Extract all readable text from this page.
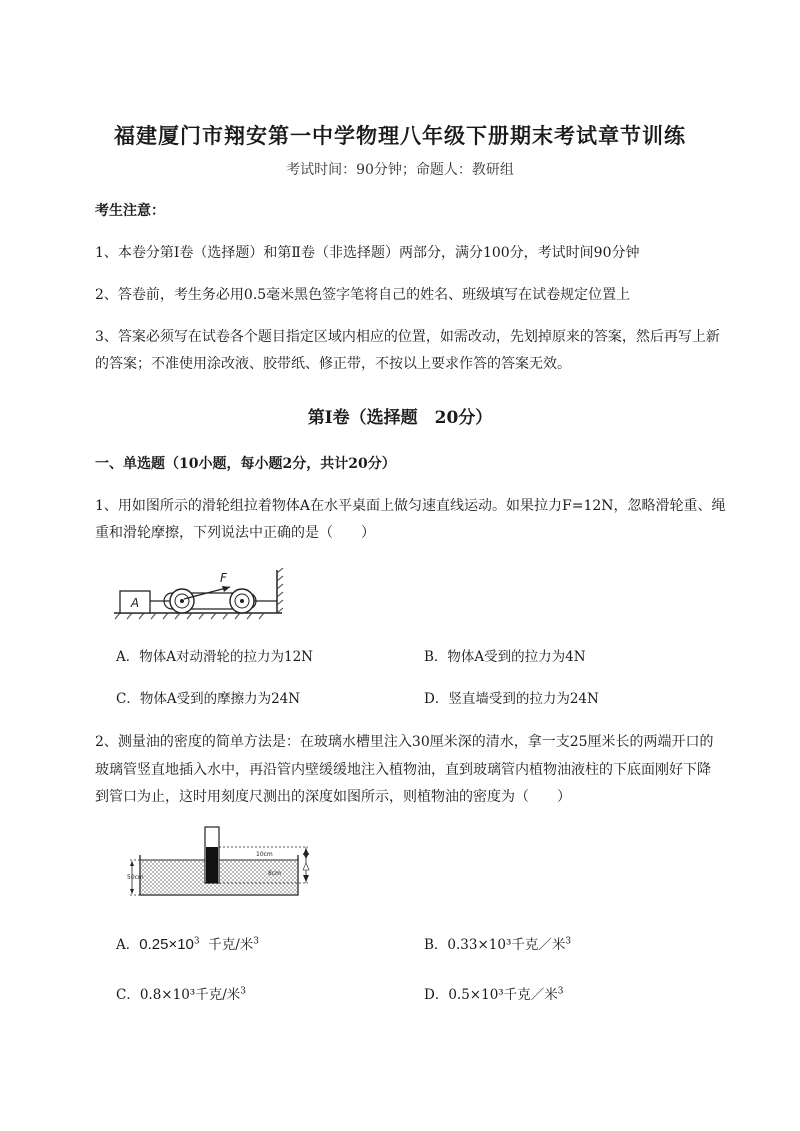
福建厦门市翔安第一中学物理八年级下册期末考试章节训练
考试时间：90分钟；命题人：教研组
考生注意：
1、本卷分第I卷（选择题）和第Ⅱ卷（非选择题）两部分，满分100分，考试时间90分钟
2、答卷前，考生务必用0.5毫米黑色签字笔将自己的姓名、班级填写在试卷规定位置上
3、答案必须写在试卷各个题目指定区域内相应的位置，如需改动，先划掉原来的答案，然后再写上新
的答案；不准使用涂改液、胶带纸、修正带，不按以上要求作答的答案无效。
第I卷（选择题　20分）
一、单选题（10小题，每小题2分，共计20分）
1、用如图所示的滑轮组拉着物体A在水平桌面上做匀速直线运动。如果拉力F=12N，忽略滑轮重、绳
重和滑轮摩擦，下列说法中正确的是（　　）
A
F
A．物体A对动滑轮的拉力为12N	B．物体A受到的拉力为4N
C．物体A受到的摩擦力为24N	D．竖直墙受到的拉力为24N
2、测量油的密度的简单方法是：在玻璃水槽里注入30厘米深的清水，拿一支25厘米长的两端开口的
玻璃管竖直地插入水中，再沿管内壁缓缓地注入植物油，直到玻璃管内植物油液柱的下底面刚好下降
到管口为止，这时用刻度尺测出的深度如图所示，则植物油的密度为（　　）
50cm
10cm
8cm
A．$0.25\times 10^3$ 千克/米$^3$	B．0.33×10³千克／米$^3$
C．0.8×10³千克/米$^3$	D．0.5×10³千克／米$^3$
